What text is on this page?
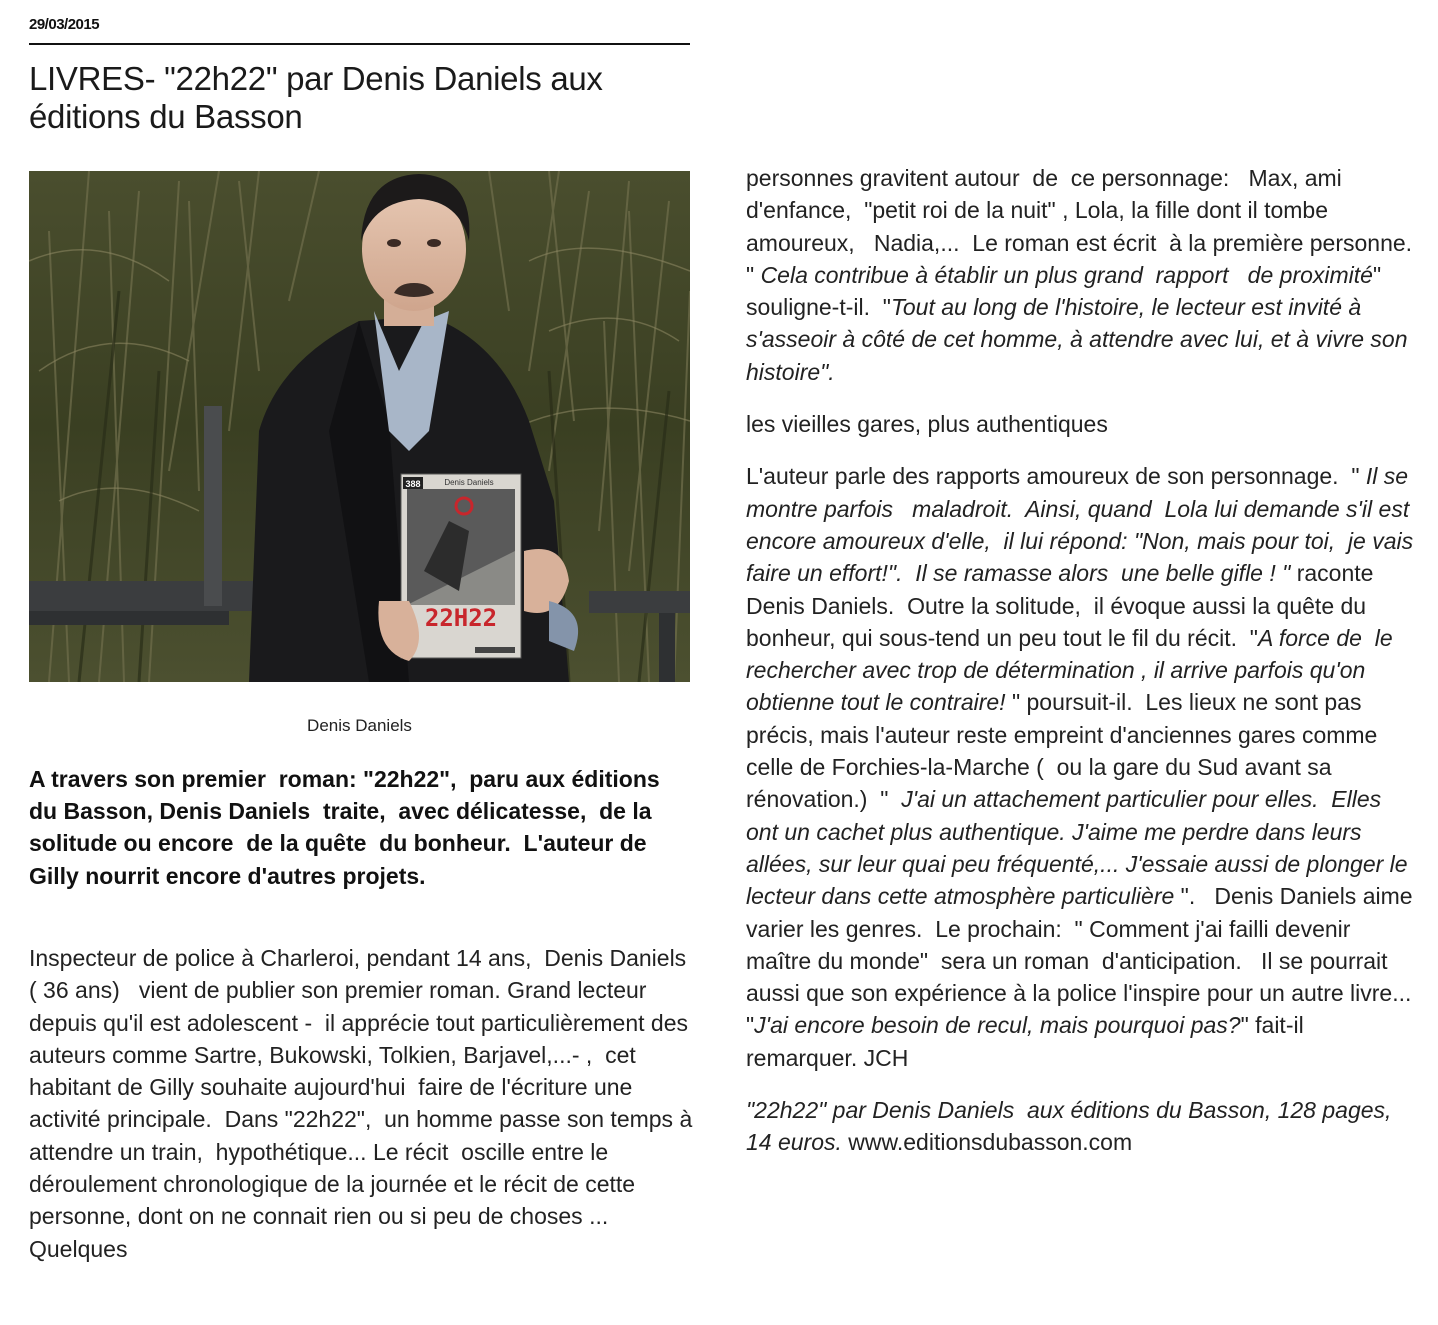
29/03/2015
LIVRES- "22h22" par Denis Daniels aux éditions du Basson
Denis Daniels
388
22H22
Denis Daniels
A travers son premier  roman: "22h22",  paru aux éditions  du Basson, Denis Daniels  traite,  avec délicatesse,  de la  solitude ou encore  de la quête  du bonheur.  L'auteur de Gilly nourrit encore d'autres projets.
Inspecteur de police à Charleroi, pendant 14 ans,  Denis Daniels ( 36 ans)   vient de publier son premier roman. Grand lecteur depuis qu'il est adolescent -  il apprécie tout particulièrement des auteurs comme Sartre, Bukowski, Tolkien, Barjavel,...- ,  cet habitant de Gilly souhaite aujourd'hui  faire de l'écriture une activité principale.  Dans "22h22",  un homme passe son temps à attendre un train,  hypothétique... Le récit  oscille entre le déroulement chronologique de la journée et le récit de cette personne, dont on ne connait rien ou si peu de choses ...  Quelques

personnes gravitent autour  de  ce personnage:   Max, ami d'enfance,  "petit roi de la nuit" , Lola, la fille dont il tombe amoureux,   Nadia,...  Le roman est écrit  à la première personne. " Cela contribue à établir un plus grand  rapport   de proximité" souligne-t-il.  "Tout au long de l'histoire, le lecteur est invité à s'asseoir à côté de cet homme, à attendre avec lui, et à vivre son histoire".

les vieilles gares, plus authentiques

L'auteur parle des rapports amoureux de son personnage.  " Il se montre parfois   maladroit.  Ainsi, quand  Lola lui demande s'il est encore amoureux d'elle,  il lui répond: "Non, mais pour toi,  je vais faire un effort!".  Il se ramasse alors  une belle gifle ! " raconte Denis Daniels.  Outre la solitude,  il évoque aussi la quête du bonheur, qui sous-tend un peu tout le fil du récit.  "A force de  le rechercher avec trop de détermination , il arrive parfois qu'on obtienne tout le contraire! " poursuit-il.  Les lieux ne sont pas précis, mais l'auteur reste empreint d'anciennes gares comme celle de Forchies-la-Marche (  ou la gare du Sud avant sa rénovation.)  "  J'ai un attachement particulier pour elles.  Elles ont un cachet plus authentique. J'aime me perdre dans leurs allées, sur leur quai peu fréquenté,... J'essaie aussi de plonger le lecteur dans cette atmosphère particulière ".   Denis Daniels aime varier les genres.  Le prochain:  " Comment j'ai failli devenir maître du monde"  sera un roman  d'anticipation.   Il se pourrait aussi que son expérience à la police l'inspire pour un autre livre... "J'ai encore besoin de recul, mais pourquoi pas?" fait-il remarquer. JCH

"22h22" par Denis Daniels  aux éditions du Basson, 128 pages, 14 euros. www.editionsdubasson.com
